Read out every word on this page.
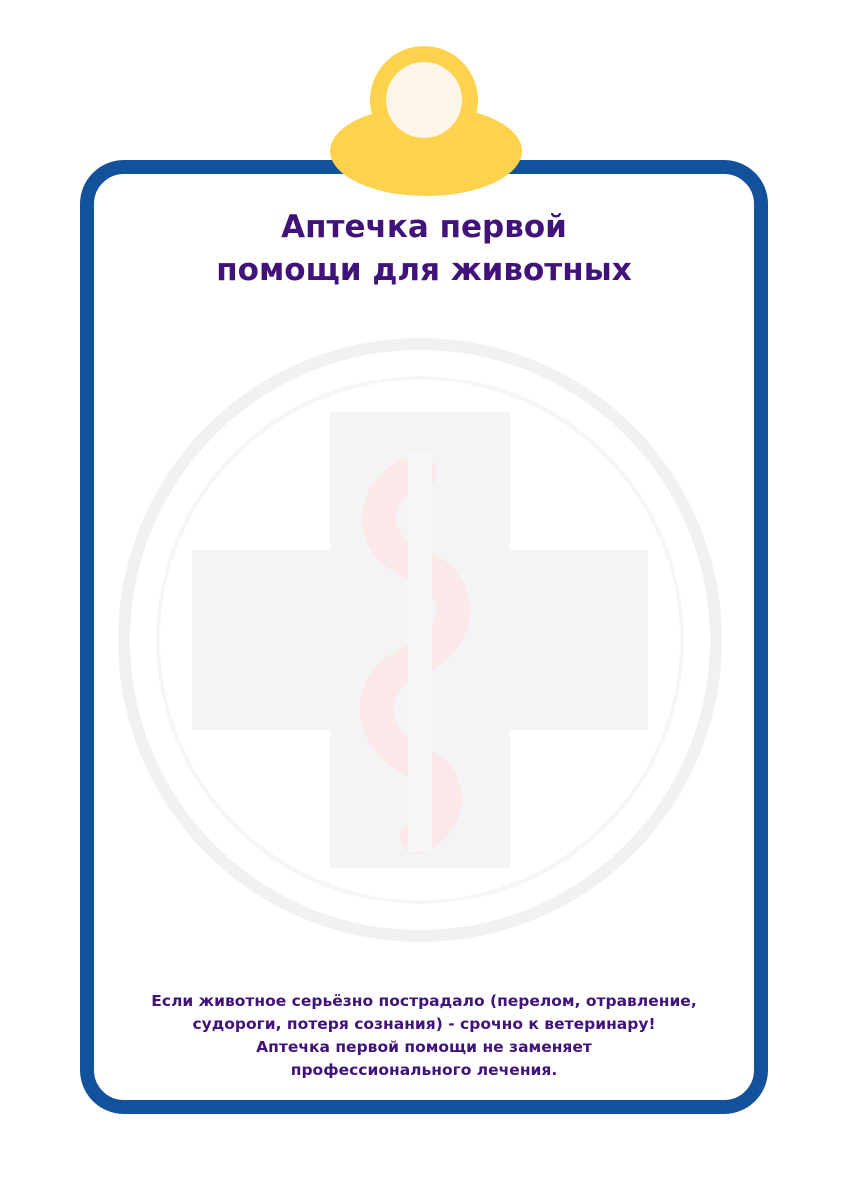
Аптечка первой
помощи для животных
Если животное серьёзно пострадало (перелом, отравление,
судороги, потеря сознания) - срочно к ветеринару!
Аптечка первой помощи не заменяет
профессионального лечения.
